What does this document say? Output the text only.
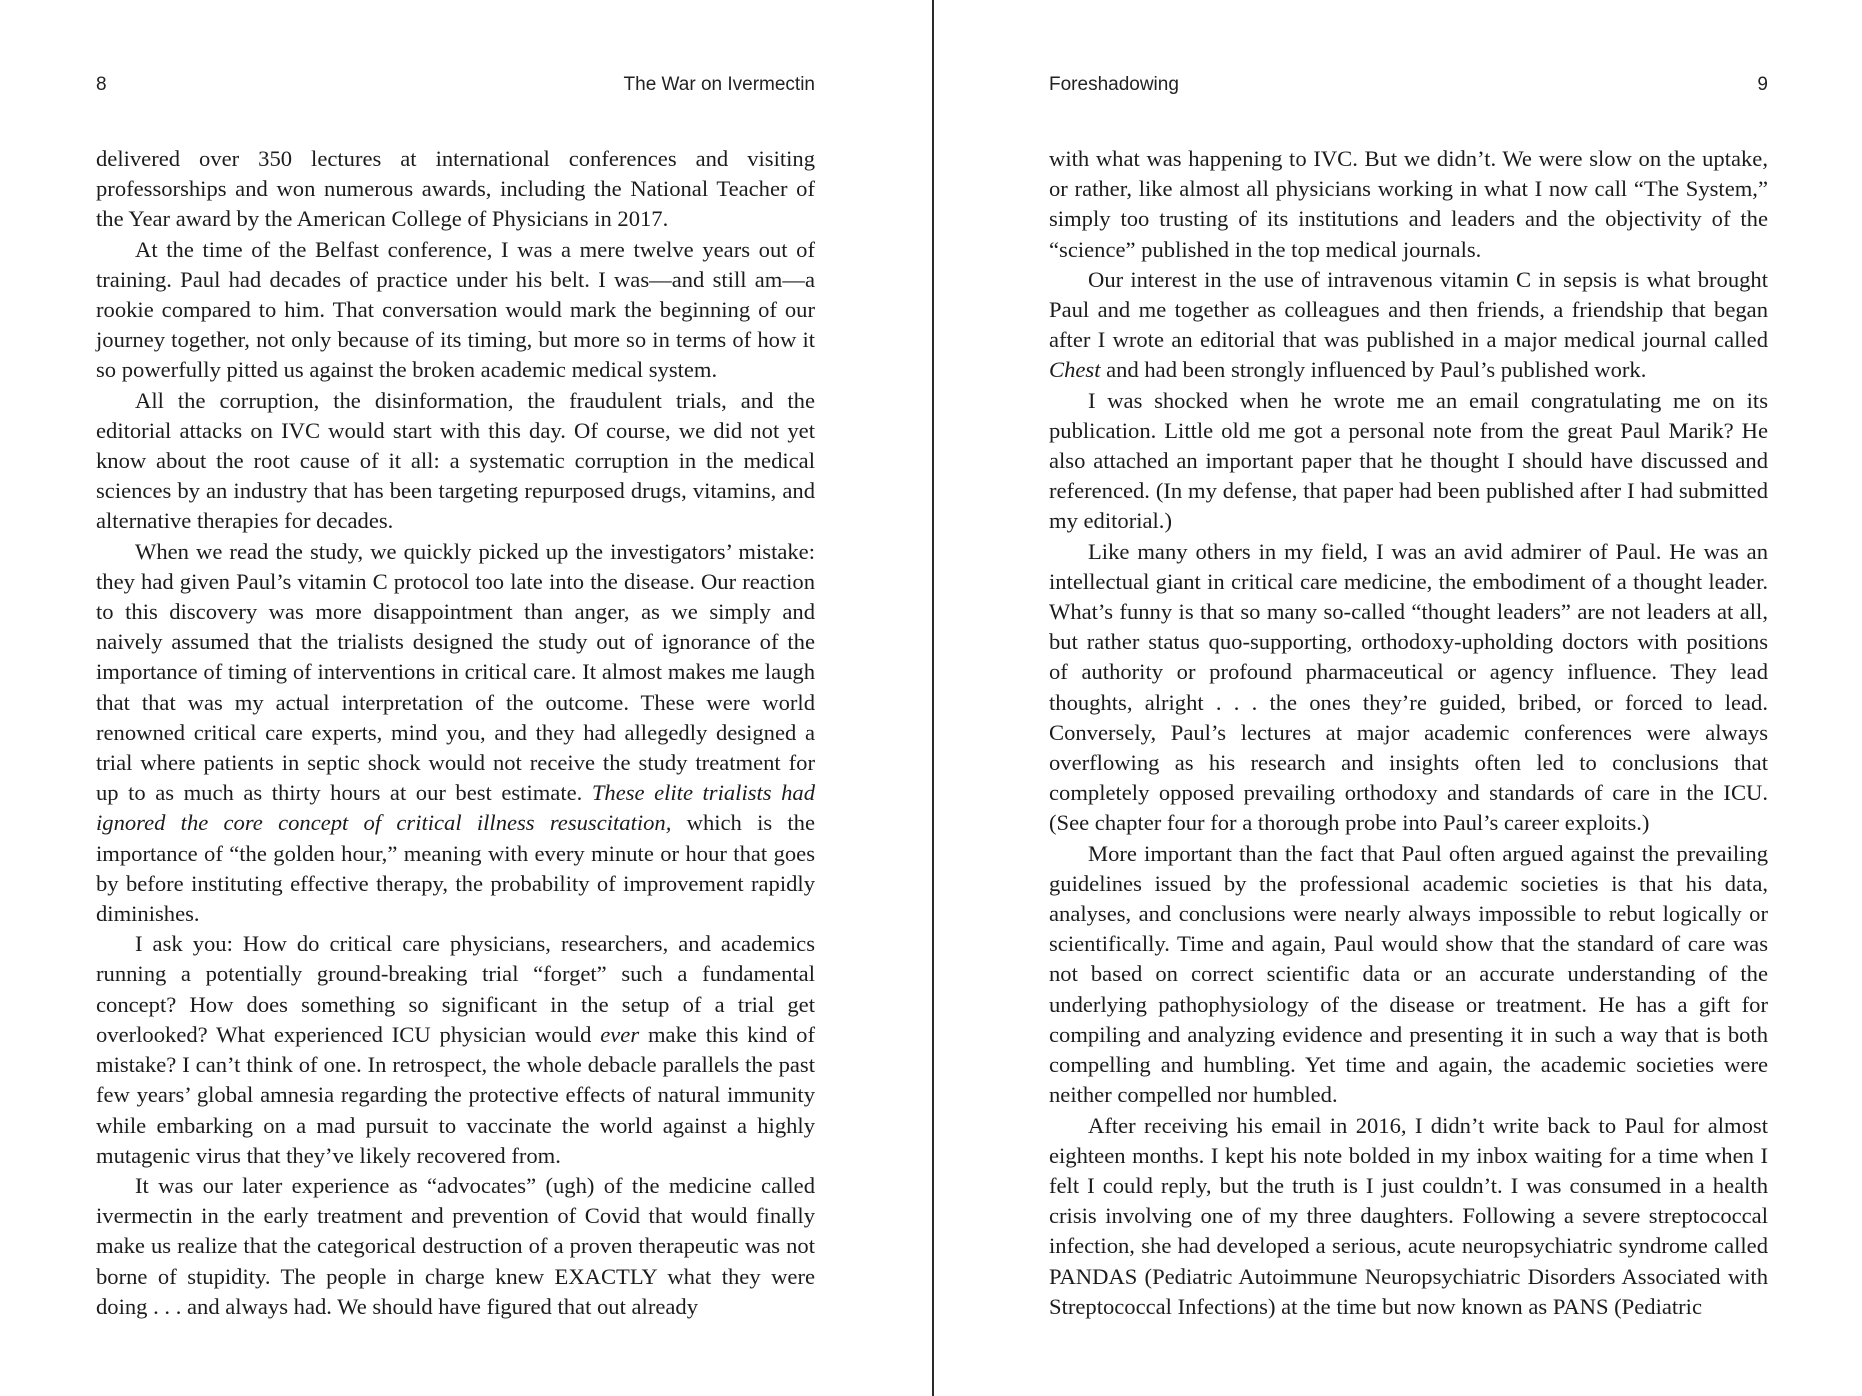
8	The War on Ivermectin

delivered over 350 lectures at international conferences and visiting professorships and won numerous awards, including the National Teacher of the Year award by the American College of Physicians in 2017.

At the time of the Belfast conference, I was a mere twelve years out of training. Paul had decades of practice under his belt. I was—and still am—a rookie compared to him. That conversation would mark the beginning of our journey together, not only because of its timing, but more so in terms of how it so powerfully pitted us against the broken academic medical system.

All the corruption, the disinformation, the fraudulent trials, and the editorial attacks on IVC would start with this day. Of course, we did not yet know about the root cause of it all: a systematic corruption in the medical sciences by an industry that has been targeting repurposed drugs, vitamins, and alternative therapies for decades.

When we read the study, we quickly picked up the investigators’ mistake: they had given Paul’s vitamin C protocol too late into the disease. Our reaction to this discovery was more disappointment than anger, as we simply and naively assumed that the trialists designed the study out of ignorance of the importance of timing of interventions in critical care. It almost makes me laugh that that was my actual interpretation of the outcome. These were world renowned critical care experts, mind you, and they had allegedly designed a trial where patients in septic shock would not receive the study treatment for up to as much as thirty hours at our best estimate. These elite trialists had ignored the core concept of critical illness resuscitation, which is the importance of “the golden hour,” meaning with every minute or hour that goes by before instituting effective therapy, the probability of improvement rapidly diminishes.

I ask you: How do critical care physicians, researchers, and academics running a potentially ground-breaking trial “forget” such a fundamental concept? How does something so significant in the setup of a trial get overlooked? What experienced ICU physician would ever make this kind of mistake? I can’t think of one. In retrospect, the whole debacle parallels the past few years’ global amnesia regarding the protective effects of natural immunity while embarking on a mad pursuit to vaccinate the world against a highly mutagenic virus that they’ve likely recovered from.

It was our later experience as “advocates” (ugh) of the medicine called ivermectin in the early treatment and prevention of Covid that would finally make us realize that the categorical destruction of a proven therapeutic was not borne of stupidity. The people in charge knew EXACTLY what they were doing . . . and always had. We should have figured that out already

Foreshadowing	9

with what was happening to IVC. But we didn’t. We were slow on the uptake, or rather, like almost all physicians working in what I now call “The System,” simply too trusting of its institutions and leaders and the objectivity of the “science” published in the top medical journals.

Our interest in the use of intravenous vitamin C in sepsis is what brought Paul and me together as colleagues and then friends, a friendship that began after I wrote an editorial that was published in a major medical journal called Chest and had been strongly influenced by Paul’s published work.

I was shocked when he wrote me an email congratulating me on its publication. Little old me got a personal note from the great Paul Marik? He also attached an important paper that he thought I should have discussed and referenced. (In my defense, that paper had been published after I had submitted my editorial.)

Like many others in my field, I was an avid admirer of Paul. He was an intellectual giant in critical care medicine, the embodiment of a thought leader. What’s funny is that so many so-called “thought leaders” are not leaders at all, but rather status quo-supporting, orthodoxy-upholding doctors with positions of authority or profound pharmaceutical or agency influence. They lead thoughts, alright . . . the ones they’re guided, bribed, or forced to lead. Conversely, Paul’s lectures at major academic conferences were always overflowing as his research and insights often led to conclusions that completely opposed prevailing orthodoxy and standards of care in the ICU. (See chapter four for a thorough probe into Paul’s career exploits.)

More important than the fact that Paul often argued against the prevailing guidelines issued by the professional academic societies is that his data, analyses, and conclusions were nearly always impossible to rebut logically or scientifically. Time and again, Paul would show that the standard of care was not based on correct scientific data or an accurate understanding of the underlying pathophysiology of the disease or treatment. He has a gift for compiling and analyzing evidence and presenting it in such a way that is both compelling and humbling. Yet time and again, the academic societies were neither compelled nor humbled.

After receiving his email in 2016, I didn’t write back to Paul for almost eighteen months. I kept his note bolded in my inbox waiting for a time when I felt I could reply, but the truth is I just couldn’t. I was consumed in a health crisis involving one of my three daughters. Following a severe streptococcal infection, she had developed a serious, acute neuropsychiatric syndrome called PANDAS (Pediatric Autoimmune Neuropsychiatric Disorders Associated with Streptococcal Infections) at the time but now known as PANS (Pediatric
